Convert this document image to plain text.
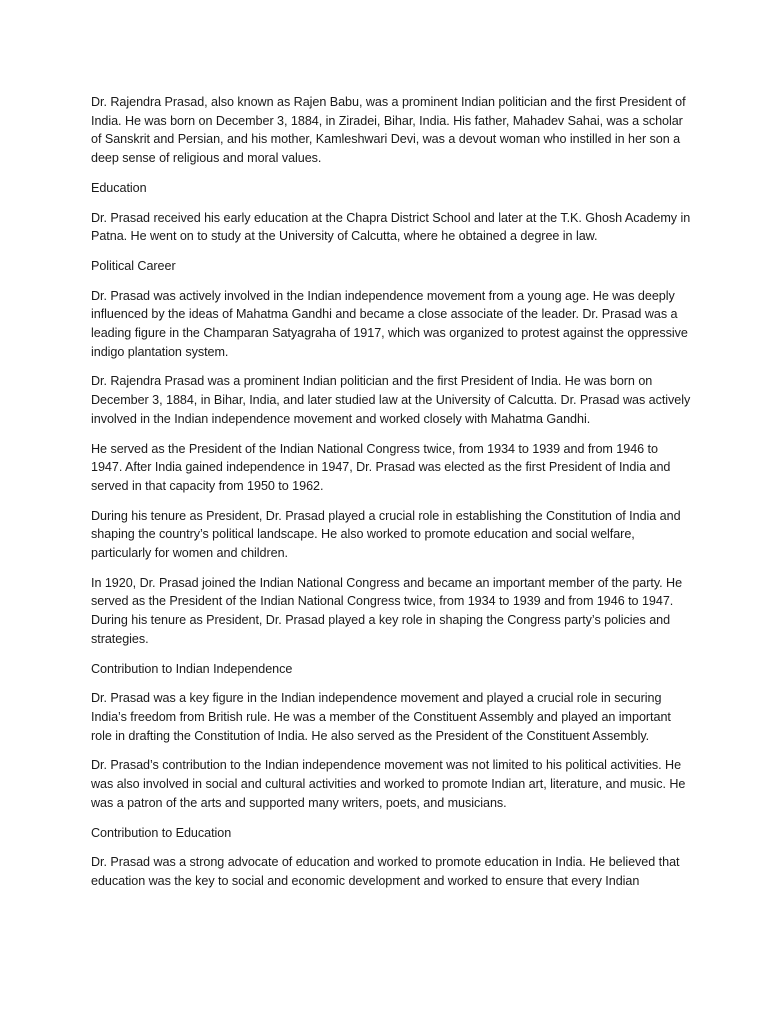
Dr. Rajendra Prasad, also known as Rajen Babu, was a prominent Indian politician and the first President of India. He was born on December 3, 1884, in Ziradei, Bihar, India. His father, Mahadev Sahai, was a scholar of Sanskrit and Persian, and his mother, Kamleshwari Devi, was a devout woman who instilled in her son a deep sense of religious and moral values.

Education

Dr. Prasad received his early education at the Chapra District School and later at the T.K. Ghosh Academy in Patna. He went on to study at the University of Calcutta, where he obtained a degree in law.

Political Career

Dr. Prasad was actively involved in the Indian independence movement from a young age. He was deeply influenced by the ideas of Mahatma Gandhi and became a close associate of the leader. Dr. Prasad was a leading figure in the Champaran Satyagraha of 1917, which was organized to protest against the oppressive indigo plantation system.

Dr. Rajendra Prasad was a prominent Indian politician and the first President of India. He was born on December 3, 1884, in Bihar, India, and later studied law at the University of Calcutta. Dr. Prasad was actively involved in the Indian independence movement and worked closely with Mahatma Gandhi.

He served as the President of the Indian National Congress twice, from 1934 to 1939 and from 1946 to 1947. After India gained independence in 1947, Dr. Prasad was elected as the first President of India and served in that capacity from 1950 to 1962.

During his tenure as President, Dr. Prasad played a crucial role in establishing the Constitution of India and shaping the country’s political landscape. He also worked to promote education and social welfare, particularly for women and children.

In 1920, Dr. Prasad joined the Indian National Congress and became an important member of the party. He served as the President of the Indian National Congress twice, from 1934 to 1939 and from 1946 to 1947. During his tenure as President, Dr. Prasad played a key role in shaping the Congress party’s policies and strategies.

Contribution to Indian Independence

Dr. Prasad was a key figure in the Indian independence movement and played a crucial role in securing India’s freedom from British rule. He was a member of the Constituent Assembly and played an important role in drafting the Constitution of India. He also served as the President of the Constituent Assembly.

Dr. Prasad’s contribution to the Indian independence movement was not limited to his political activities. He was also involved in social and cultural activities and worked to promote Indian art, literature, and music. He was a patron of the arts and supported many writers, poets, and musicians.

Contribution to Education

Dr. Prasad was a strong advocate of education and worked to promote education in India. He believed that education was the key to social and economic development and worked to ensure that every Indian
